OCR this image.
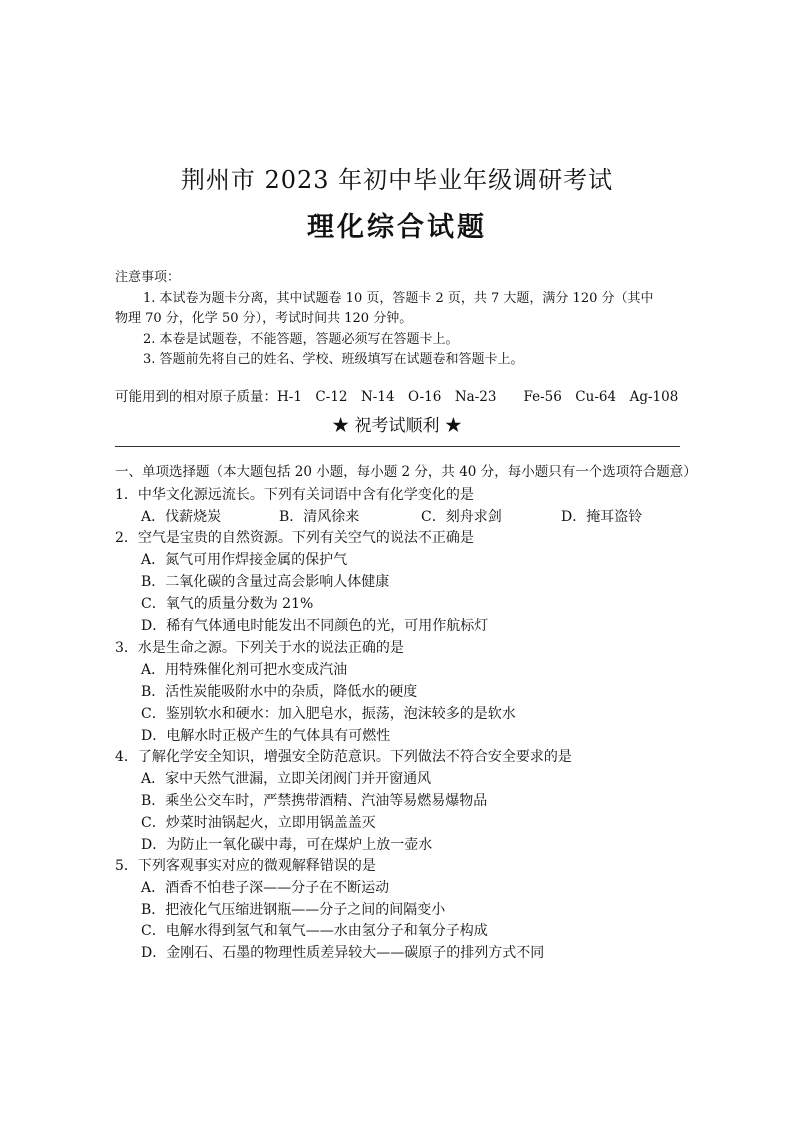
荆州市 2023 年初中毕业年级调研考试
理化综合试题
注意事项：
1. 本试卷为题卡分离，其中试题卷 10 页，答题卡 2 页，共 7 大题，满分 120 分（其中
物理 70 分，化学 50 分），考试时间共 120 分钟。
2. 本卷是试题卷，不能答题，答题必须写在答题卡上。
3. 答题前先将自己的姓名、学校、班级填写在试题卷和答题卡上。
可能用到的相对原子质量：H-1　C-12　N-14　O-16　Na-23　　Fe-56　Cu-64　Ag-108
★ 祝考试顺利 ★
一、单项选择题（本大题包括 20 小题，每小题 2 分，共 40 分，每小题只有一个选项符合题意）
1．中华文化源远流长。下列有关词语中含有化学变化的是
A．伐薪烧炭	B．清风徐来	C．刻舟求剑	D．掩耳盗铃
2．空气是宝贵的自然资源。下列有关空气的说法不正确是
A．氮气可用作焊接金属的保护气
B．二氧化碳的含量过高会影响人体健康
C．氧气的质量分数为 21%
D．稀有气体通电时能发出不同颜色的光，可用作航标灯
3．水是生命之源。下列关于水的说法正确的是
A．用特殊催化剂可把水变成汽油
B．活性炭能吸附水中的杂质，降低水的硬度
C．鉴别软水和硬水：加入肥皂水，振荡，泡沫较多的是软水
D．电解水时正极产生的气体具有可燃性
4．了解化学安全知识，增强安全防范意识。下列做法不符合安全要求的是
A．家中天然气泄漏，立即关闭阀门并开窗通风
B．乘坐公交车时，严禁携带酒精、汽油等易燃易爆物品
C．炒菜时油锅起火，立即用锅盖盖灭
D．为防止一氧化碳中毒，可在煤炉上放一壶水
5．下列客观事实对应的微观解释错误的是
A．酒香不怕巷子深——分子在不断运动
B．把液化气压缩进钢瓶——分子之间的间隔变小
C．电解水得到氢气和氧气——水由氢分子和氧分子构成
D．金刚石、石墨的物理性质差异较大——碳原子的排列方式不同
